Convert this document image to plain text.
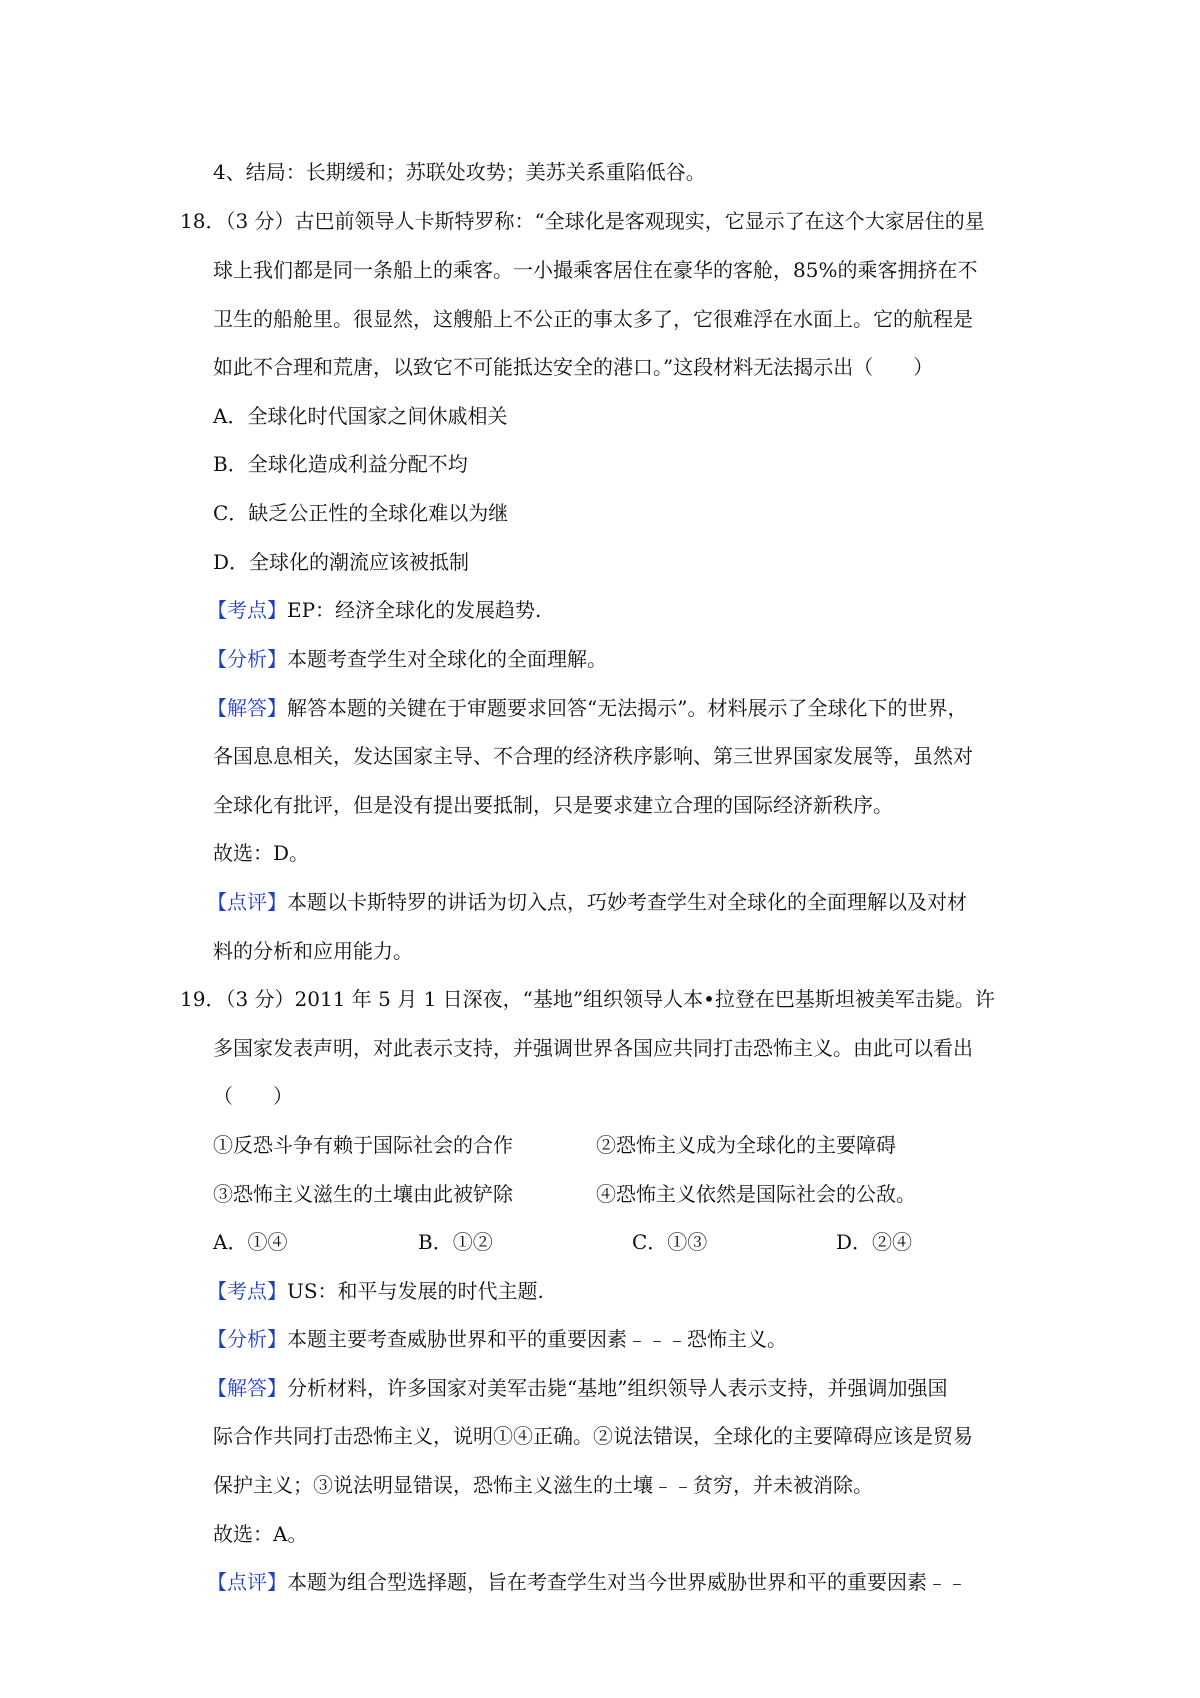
4、结局：长期缓和；苏联处攻势；美苏关系重陷低谷。
18．（3 分）古巴前领导人卡斯特罗称：“全球化是客观现实，它显示了在这个大家居住的星
球上我们都是同一条船上的乘客。一小撮乘客居住在豪华的客舱，85%的乘客拥挤在不
卫生的船舱里。很显然，这艘船上不公正的事太多了，它很难浮在水面上。它的航程是
如此不合理和荒唐，以致它不可能抵达安全的港口。”这段材料无法揭示出（　　）
A．全球化时代国家之间休戚相关
B．全球化造成利益分配不均
C．缺乏公正性的全球化难以为继
D．全球化的潮流应该被抵制
【考点】EP：经济全球化的发展趋势.
【分析】本题考查学生对全球化的全面理解。
【解答】解答本题的关键在于审题要求回答“无法揭示”。材料展示了全球化下的世界，
各国息息相关，发达国家主导、不合理的经济秩序影响、第三世界国家发展等，虽然对
全球化有批评，但是没有提出要抵制，只是要求建立合理的国际经济新秩序。
故选：D。
【点评】本题以卡斯特罗的讲话为切入点，巧妙考查学生对全球化的全面理解以及对材
料的分析和应用能力。
19．（3 分）2011 年 5 月 1 日深夜，“基地”组织领导人本•拉登在巴基斯坦被美军击毙。许
多国家发表声明，对此表示支持，并强调世界各国应共同打击恐怖主义。由此可以看出
（　　）
①反恐斗争有赖于国际社会的合作	②恐怖主义成为全球化的主要障碍
③恐怖主义滋生的土壤由此被铲除	④恐怖主义依然是国际社会的公敌。
A．①④	B．①②	C．①③	D．②④
【考点】US：和平与发展的时代主题.
【分析】本题主要考查威胁世界和平的重要因素﹣﹣﹣恐怖主义。
【解答】分析材料，许多国家对美军击毙“基地”组织领导人表示支持，并强调加强国
际合作共同打击恐怖主义，说明①④正确。②说法错误，全球化的主要障碍应该是贸易
保护主义；③说法明显错误，恐怖主义滋生的土壤﹣﹣贫穷，并未被消除。
故选：A。
【点评】本题为组合型选择题，旨在考查学生对当今世界威胁世界和平的重要因素﹣﹣
